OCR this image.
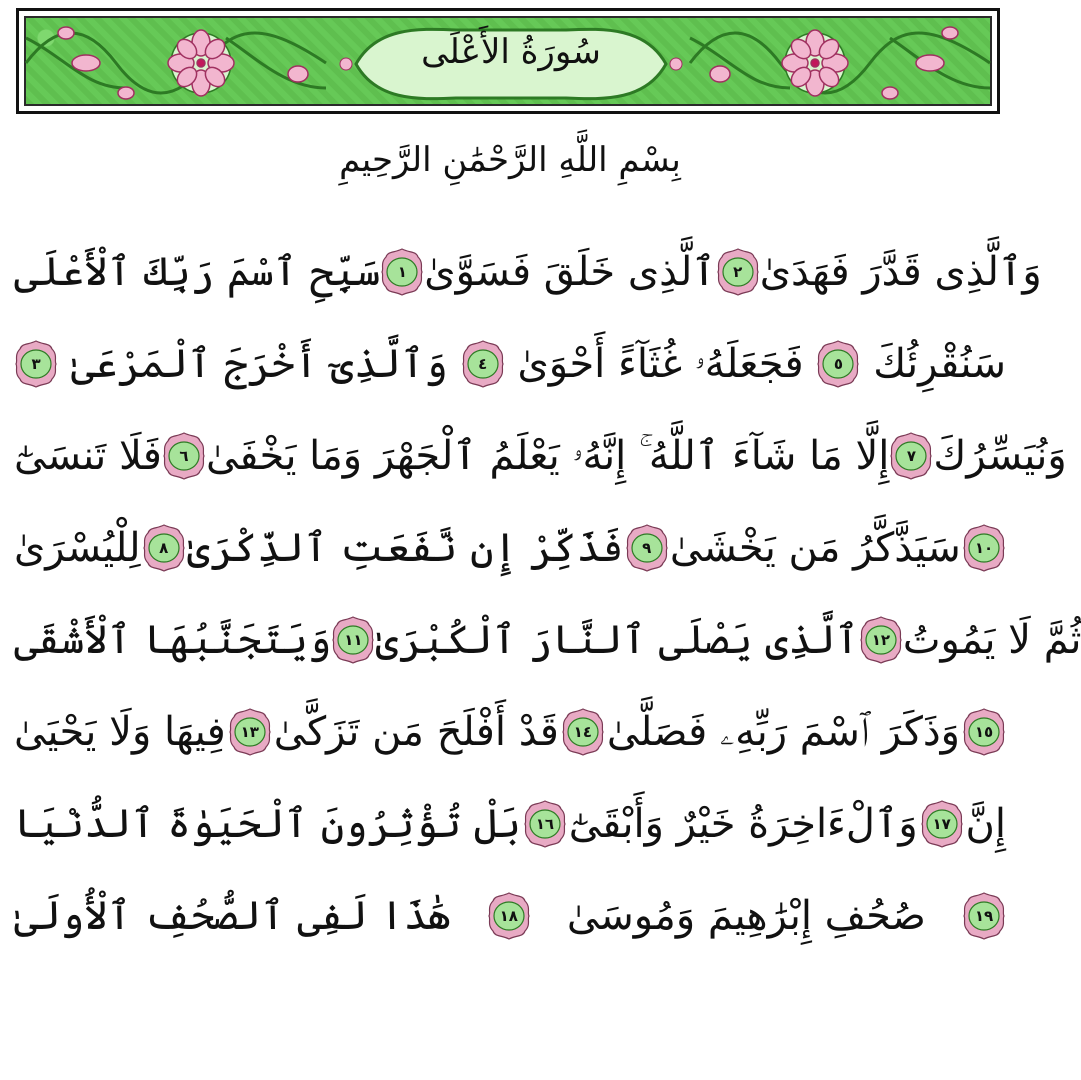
سُورَةُ الأَعْلَى
بِسْمِ اللَّهِ الرَّحْمَٰنِ الرَّحِيمِ
سَبِّحِ ٱسْمَ رَبِّكَ ٱلْأَعْلَى ١ ٱلَّذِى خَلَقَ فَسَوَّىٰ ٢ وَٱلَّذِى قَدَّرَ فَهَدَىٰ
٣ وَٱلَّذِىٓ أَخْرَجَ ٱلْمَرْعَىٰ ٤ فَجَعَلَهُۥ غُثَآءً أَحْوَىٰ ٥ سَنُقْرِئُكَ
فَلَا تَنسَىٰٓ ٦ إِلَّا مَا شَآءَ ٱللَّهُ ۚ إِنَّهُۥ يَعْلَمُ ٱلْجَهْرَ وَمَا يَخْفَىٰ ٧ وَنُيَسِّرُكَ
لِلْيُسْرَىٰ ٨ فَذَكِّرْ إِن نَّفَعَتِ ٱلذِّكْرَىٰ ٩ سَيَذَّكَّرُ مَن يَخْشَىٰ ١٠
وَيَتَجَنَّبُهَا ٱلْأَشْقَى ١١ ٱلَّذِى يَصْلَى ٱلنَّارَ ٱلْكُبْرَىٰ ١٢ ثُمَّ لَا يَمُوتُ
فِيهَا وَلَا يَحْيَىٰ ١٣ قَدْ أَفْلَحَ مَن تَزَكَّىٰ ١٤ وَذَكَرَ ٱسْمَ رَبِّهِۦ فَصَلَّىٰ ١٥
بَلْ تُؤْثِرُونَ ٱلْحَيَوٰةَ ٱلدُّنْيَا ١٦ وَٱلْءَاخِرَةُ خَيْرٌ وَأَبْقَىٰٓ ١٧ إِنَّ
هَٰذَا لَفِى ٱلصُّحُفِ ٱلْأُولَىٰ	١٨ صُحُفِ إِبْرَٰهِيمَ وَمُوسَىٰ	١٩
